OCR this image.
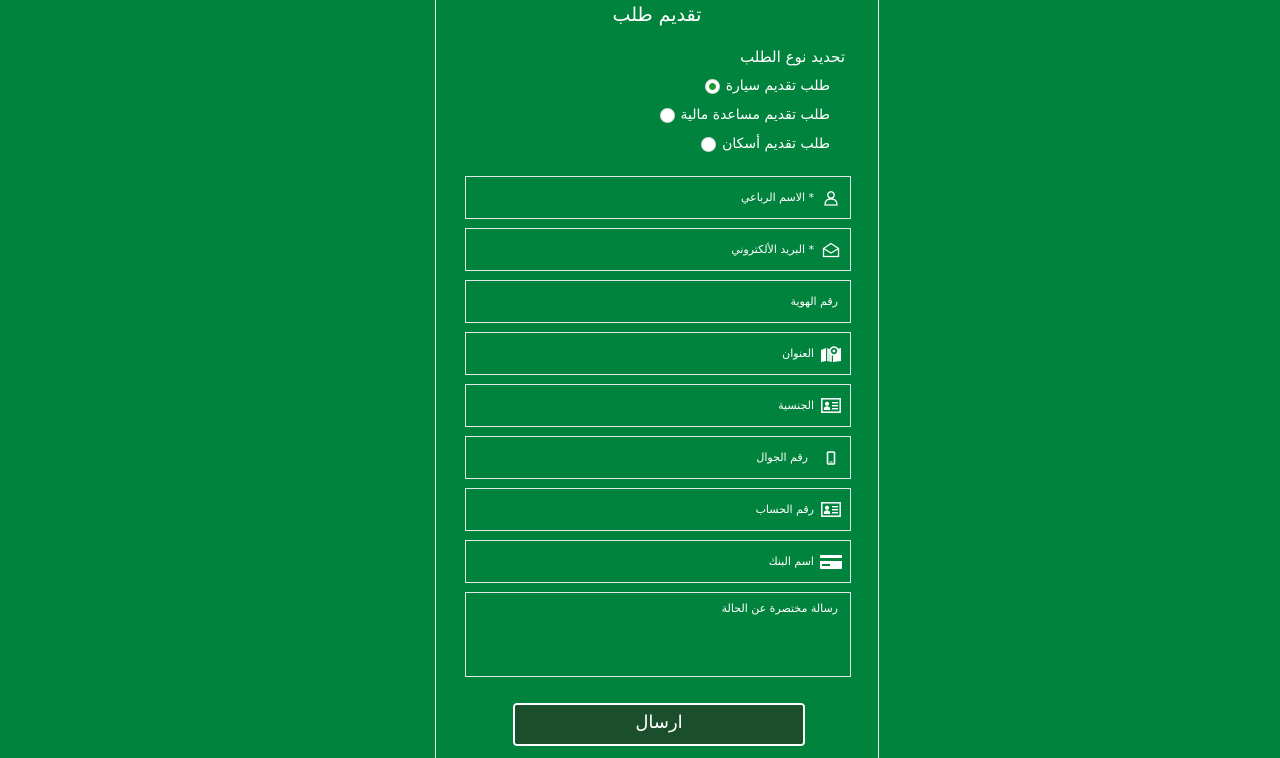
تقديم طلب
تحديد نوع الطلب
طلب تقديم سيارة
طلب تقديم مساعدة مالية
طلب تقديم أسكان
* الاسم الرباعي
* البريد الألكتروني
رقم الهوية
العنوان
الجنسية
رقم الجوال
رقم الحساب
اسم البنك
رسالة مختصرة عن الحالة
ارسال
